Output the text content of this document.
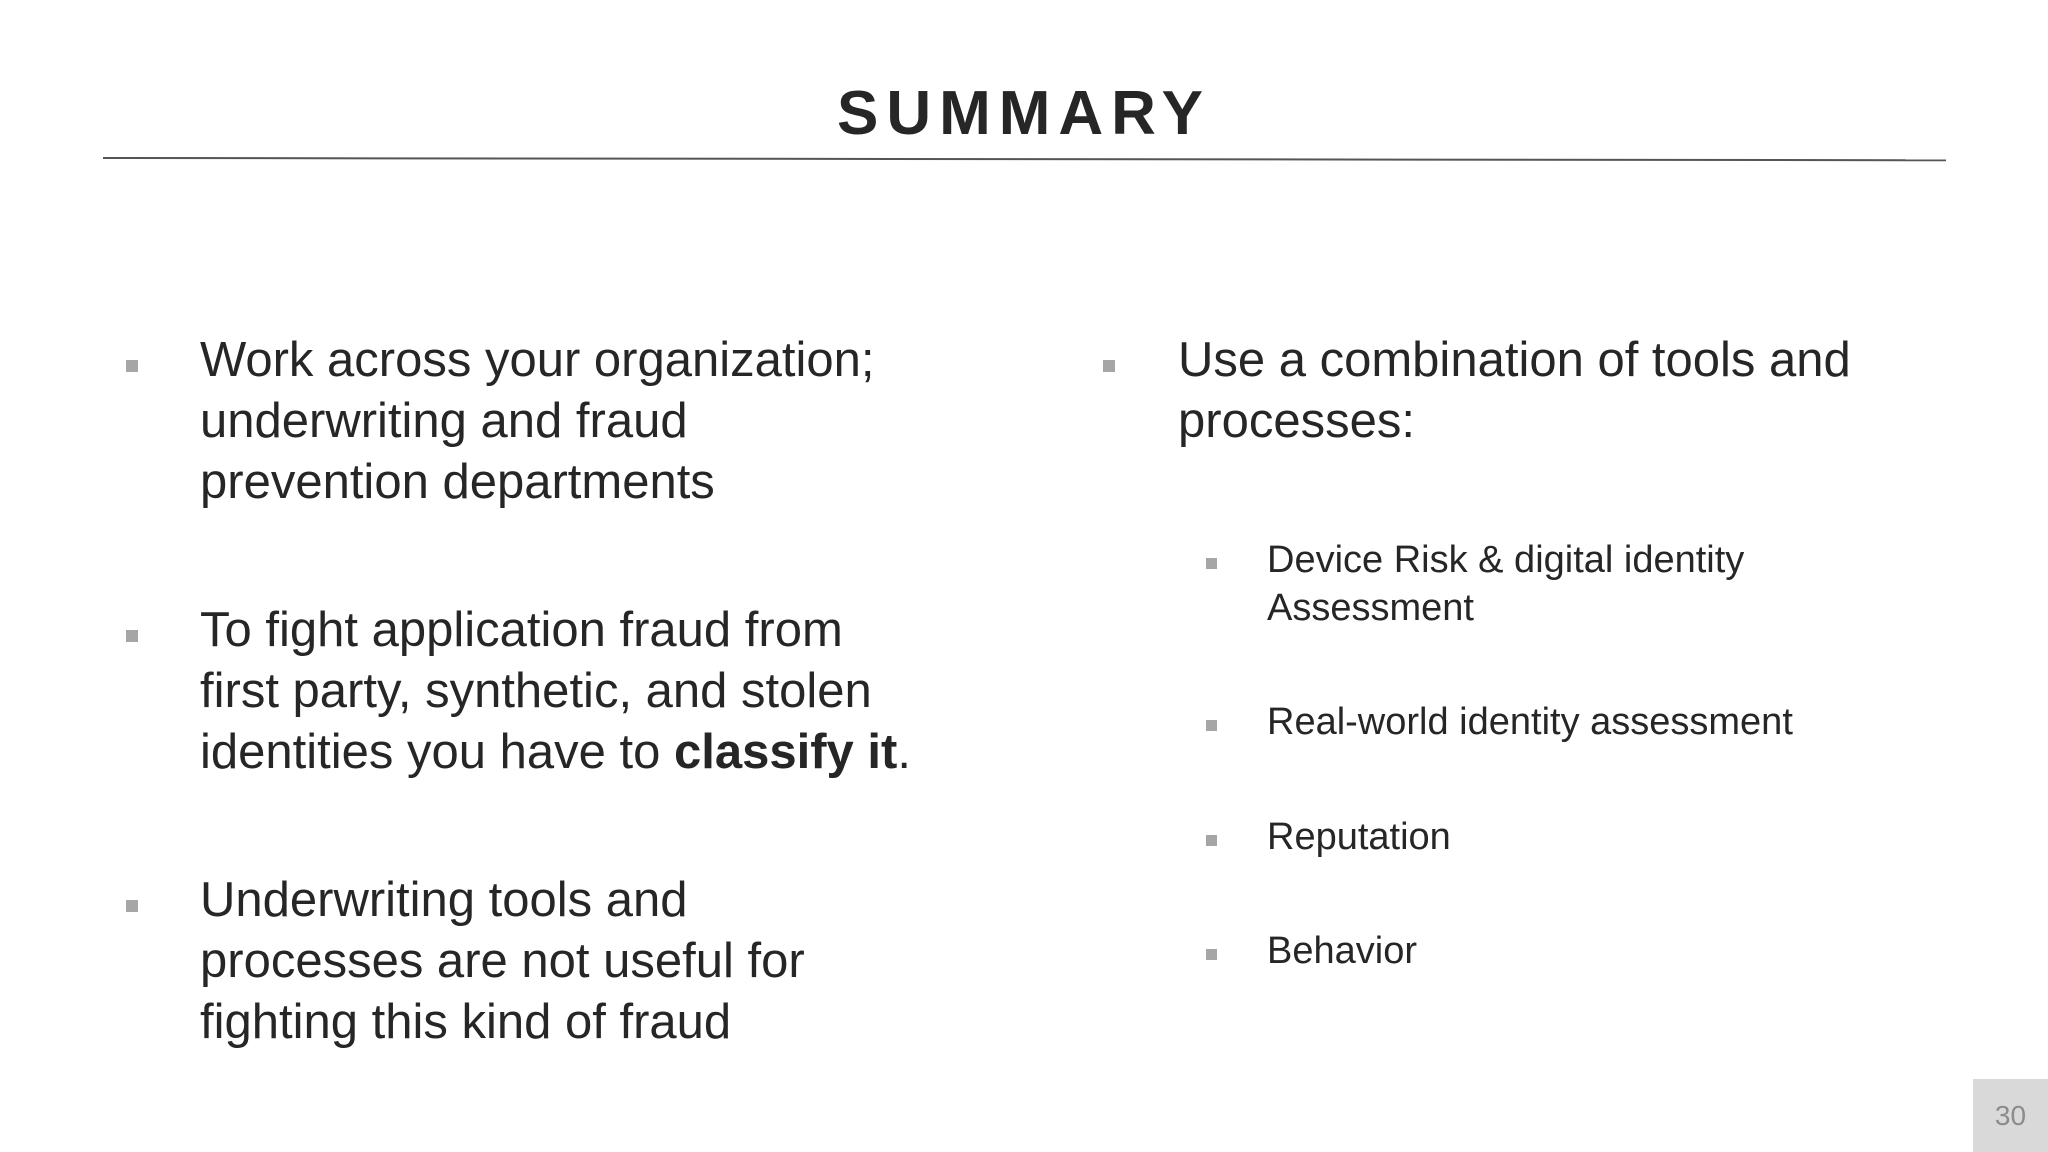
SUMMARY
Work across your organization;
underwriting and fraud
prevention departments
To fight application fraud from
first party, synthetic, and stolen
identities you have to classify it.
Underwriting tools and
processes are not useful for
fighting this kind of fraud
Use a combination of tools and
processes:
Device Risk & digital identity
Assessment
Real-world identity assessment
Reputation
Behavior
30
